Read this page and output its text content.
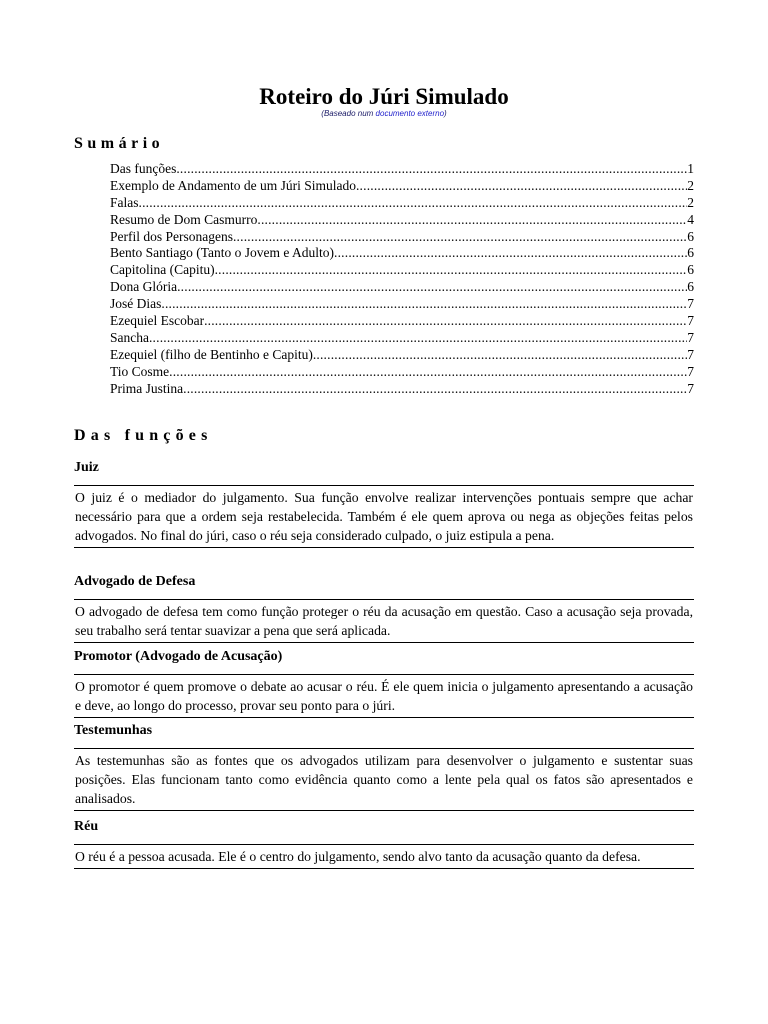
Roteiro do Júri Simulado
(Baseado num documento externo)
Sumário
Das funções .....	1
Exemplo de Andamento de um Júri Simulado .....	2
Falas .....	2
Resumo de Dom Casmurro .....	4
Perfil dos Personagens .....	6
Bento Santiago (Tanto o Jovem e Adulto) .....	6
Capitolina (Capitu) .....	6
Dona Glória .....	6
José Dias .....	7
Ezequiel Escobar .....	7
Sancha .....	7
Ezequiel (filho de Bentinho e Capitu) .....	7
Tio Cosme .....	7
Prima Justina .....	7
Das funções
Juiz
O juiz é o mediador do julgamento. Sua função envolve realizar intervenções pontuais sempre que achar necessário para que a ordem seja restabelecida. Também é ele quem aprova ou nega as objeções feitas pelos advogados. No final do júri, caso o réu seja considerado culpado, o juiz estipula a pena.
Advogado de Defesa
O advogado de defesa tem como função proteger o réu da acusação em questão. Caso a acusação seja provada, seu trabalho será tentar suavizar a pena que será aplicada.
Promotor (Advogado de Acusação)
O promotor é quem promove o debate ao acusar o réu. É ele quem inicia o julgamento apresentando a acusação e deve, ao longo do processo, provar seu ponto para o júri.
Testemunhas
As testemunhas são as fontes que os advogados utilizam para desenvolver o julgamento e sustentar suas posições. Elas funcionam tanto como evidência quanto como a lente pela qual os fatos são apresentados e analisados.
Réu
O réu é a pessoa acusada. Ele é o centro do julgamento, sendo alvo tanto da acusação quanto da defesa.
